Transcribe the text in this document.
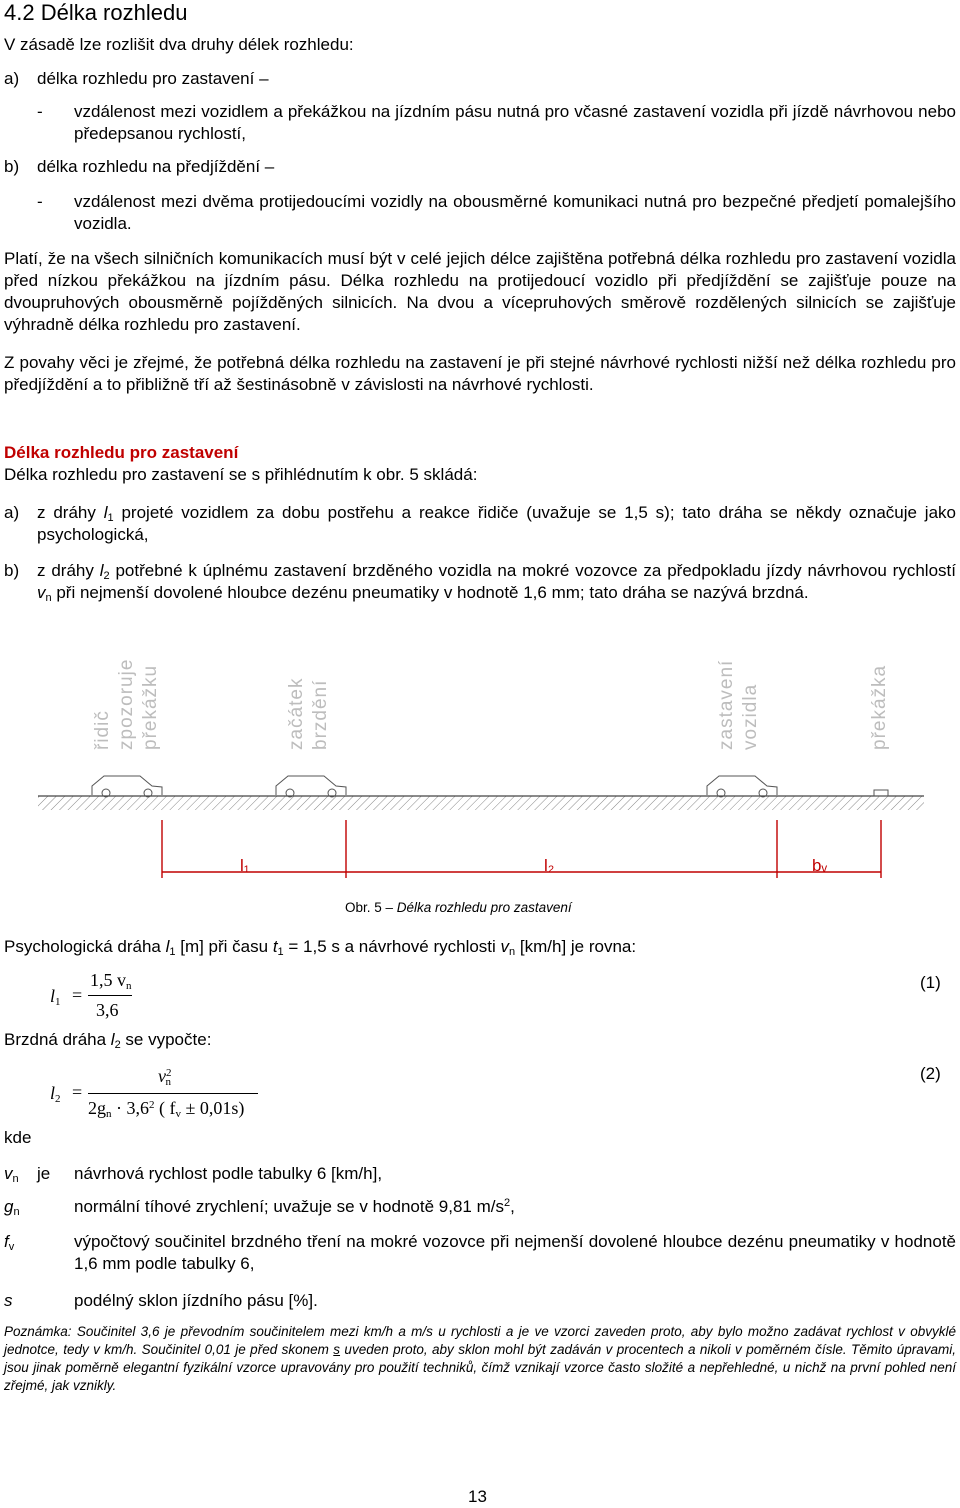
4.2 Délka rozhledu
V zásadě lze rozlišit dva druhy délek rozhledu:
a) délka rozhledu pro zastavení –
- vzdálenost mezi vozidlem a překážkou na jízdním pásu nutná pro včasné zastavení vozidla při jízdě návrhovou nebo předepsanou rychlostí,
b) délka rozhledu na předjíždění –
- vzdálenost mezi dvěma protijedoucími vozidly na obousměrné komunikaci nutná pro bezpečné předjetí pomalejšího vozidla.
Platí, že na všech silničních komunikacích musí být v celé jejich délce zajištěna potřebná délka rozhledu pro zastavení vozidla před nízkou překážkou na jízdním pásu. Délka rozhledu na protijedoucí vozidlo při předjíždění se zajišťuje pouze na dvoupruhových obousměrně pojížděných silnicích. Na dvou a vícepruhových směrově rozdělených silnicích se zajišťuje výhradně délka rozhledu pro zastavení.
Z povahy věci je zřejmé, že potřebná délka rozhledu na zastavení je při stejné návrhové rychlosti nižší než délka rozhledu pro předjíždění a to přibližně tří až šestinásobně v závislosti na návrhové rychlosti.
Délka rozhledu pro zastavení
Délka rozhledu pro zastavení se s přihlédnutím k obr. 5 skládá:
a) z dráhy $l_1$ projeté vozidlem za dobu postřehu a reakce řidiče (uvažuje se 1,5 s); tato dráha se někdy označuje jako psychologická,
b) z dráhy $l_2$ potřebné k úplnému zastavení brzděného vozidla na mokré vozovce za předpokladu jízdy návrhovou rychlostí $v_n$ při nejmenší dovolené hloubce dezénu pneumatiky v hodnotě 1,6 mm; tato dráha se nazývá brzdná.
řidič zpozoruje překážku	začátek brzdění	zastavení vozidla	překážka
l₁	l₂	bᵥ
Obr. 5 – Délka rozhledu pro zastavení
Psychologická dráha $l_1$ [m] při času $t_1 = 1,5$ s a návrhové rychlosti $v_n$ [km/h] je rovna:
$l_1$ =
1,5 $v_n$
3,6
(1)
Brzdná dráha $l_2$ se vypočte:
$l_2$ =
$v^2_n$
$2g_n \cdot 3,6^2$ ( $f_v \pm 0,01s$)
(2)
kde
$v_n$ je návrhová rychlost podle tabulky 6 [km/h],
$g_n$	normální tíhové zrychlení; uvažuje se v hodnotě 9,81 $m/s^2$,
$f_v$	výpočtový součinitel brzdného tření na mokré vozovce při nejmenší dovolené hloubce dezénu pneumatiky v hodnotě 1,6 mm podle tabulky 6,
s	podélný sklon jízdního pásu [%].
Poznámka: Součinitel 3,6 je převodním součinitelem mezi km/h a m/s u rychlosti a je ve vzorci zaveden proto, aby bylo možno zadávat rychlost v obvyklé jednotce, tedy v km/h. Součinitel 0,01 je před skonem s uveden proto, aby sklon mohl být zadáván v procentech a nikoli v poměrném čísle. Těmito úpravami, jsou jinak poměrně elegantní fyzikální vzorce upravovány pro použití techniků, čímž vznikají vzorce často složité a nepřehledné, u nichž na první pohled není zřejmé, jak vznikly.
13
